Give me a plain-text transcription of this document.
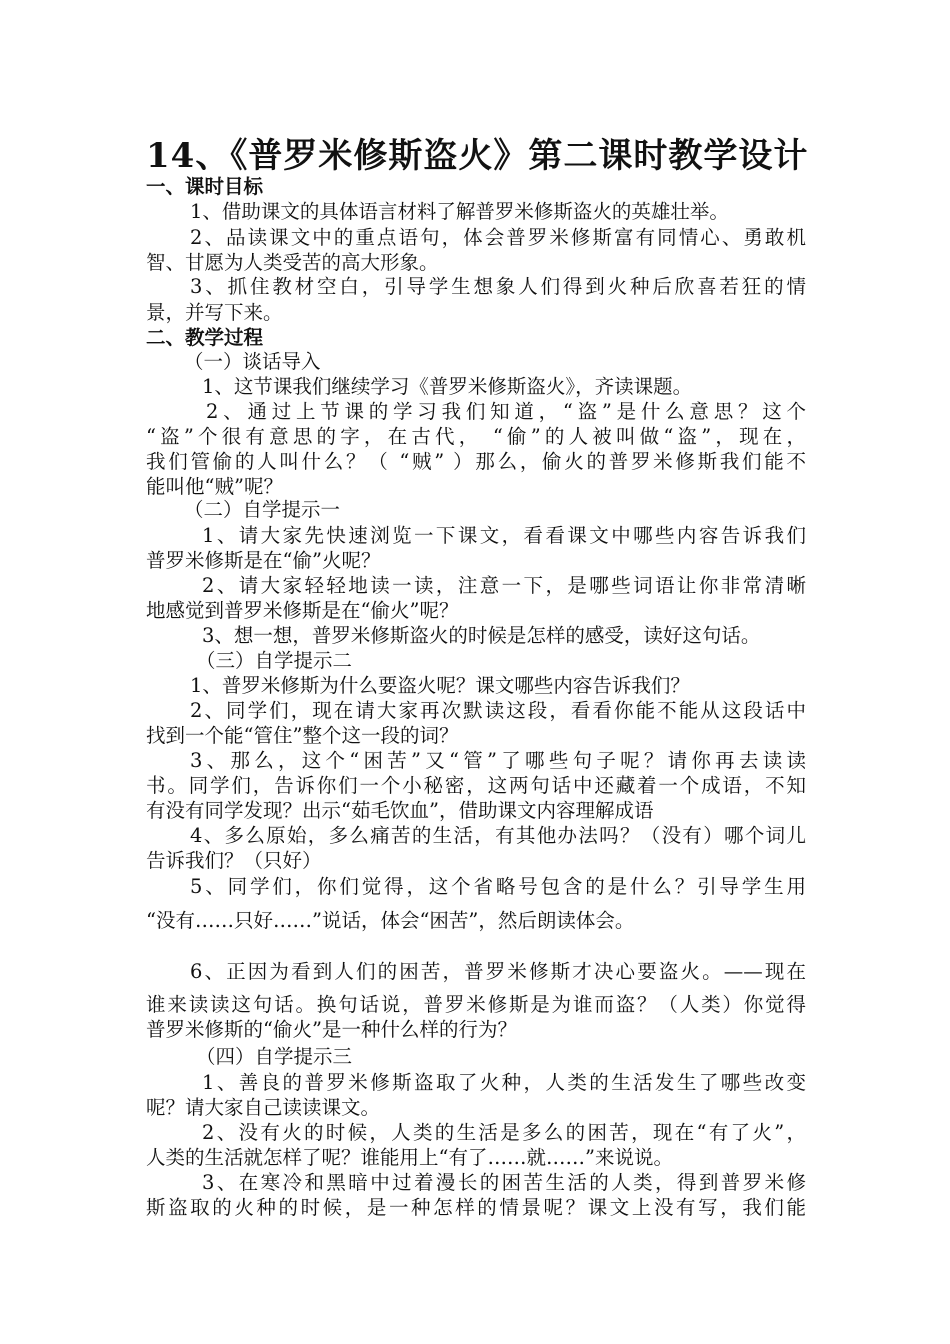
14、《普罗米修斯盗火》第二课时教学设计
一、课时目标
1、借助课文的具体语言材料了解普罗米修斯盗火的英雄壮举。
2、品读课文中的重点语句，体会普罗米修斯富有同情心、勇敢机
智、甘愿为人类受苦的高大形象。
3、抓住教材空白，引导学生想象人们得到火种后欣喜若狂的情
景，并写下来。
二、教学过程
（一）谈话导入
1、这节课我们继续学习《普罗米修斯盗火》，齐读课题。
2、通过上节课的学习我们知道，“盗”是什么意思？这个
“盗”个很有意思的字，在古代， “偷”的人被叫做“盗”，现在，
我们管偷的人叫什么？（ “贼” ）那么，偷火的普罗米修斯我们能不
能叫他“贼”呢？
（二）自学提示一
1、请大家先快速浏览一下课文，看看课文中哪些内容告诉我们
普罗米修斯是在“偷”火呢？
2、请大家轻轻地读一读，注意一下，是哪些词语让你非常清晰
地感觉到普罗米修斯是在“偷火”呢？
3、想一想，普罗米修斯盗火的时候是怎样的感受，读好这句话。
（三）自学提示二
1、普罗米修斯为什么要盗火呢？课文哪些内容告诉我们？
2、同学们，现在请大家再次默读这段，看看你能不能从这段话中
找到一个能“管住”整个这一段的词？
3、那么，这个“困苦”又“管”了哪些句子呢？请你再去读读
书。同学们，告诉你们一个小秘密，这两句话中还藏着一个成语，不知
有没有同学发现？出示“茹毛饮血”，借助课文内容理解成语
4、多么原始，多么痛苦的生活，有其他办法吗？（没有）哪个词儿
告诉我们？（只好）
5、同学们，你们觉得，这个省略号包含的是什么？引导学生用
“没有……只好……”说话，体会“困苦”，然后朗读体会。
6、正因为看到人们的困苦，普罗米修斯才决心要盗火。——现在
谁来读读这句话。换句话说，普罗米修斯是为谁而盗？（人类）你觉得
普罗米修斯的“偷火”是一种什么样的行为？
（四）自学提示三
1、善良的普罗米修斯盗取了火种，人类的生活发生了哪些改变
呢？请大家自己读读课文。
2、没有火的时候，人类的生活是多么的困苦，现在“有了火”，
人类的生活就怎样了呢？谁能用上“有了……就……”来说说。
3、在寒冷和黑暗中过着漫长的困苦生活的人类，得到普罗米修
斯盗取的火种的时候，是一种怎样的情景呢？课文上没有写，我们能
